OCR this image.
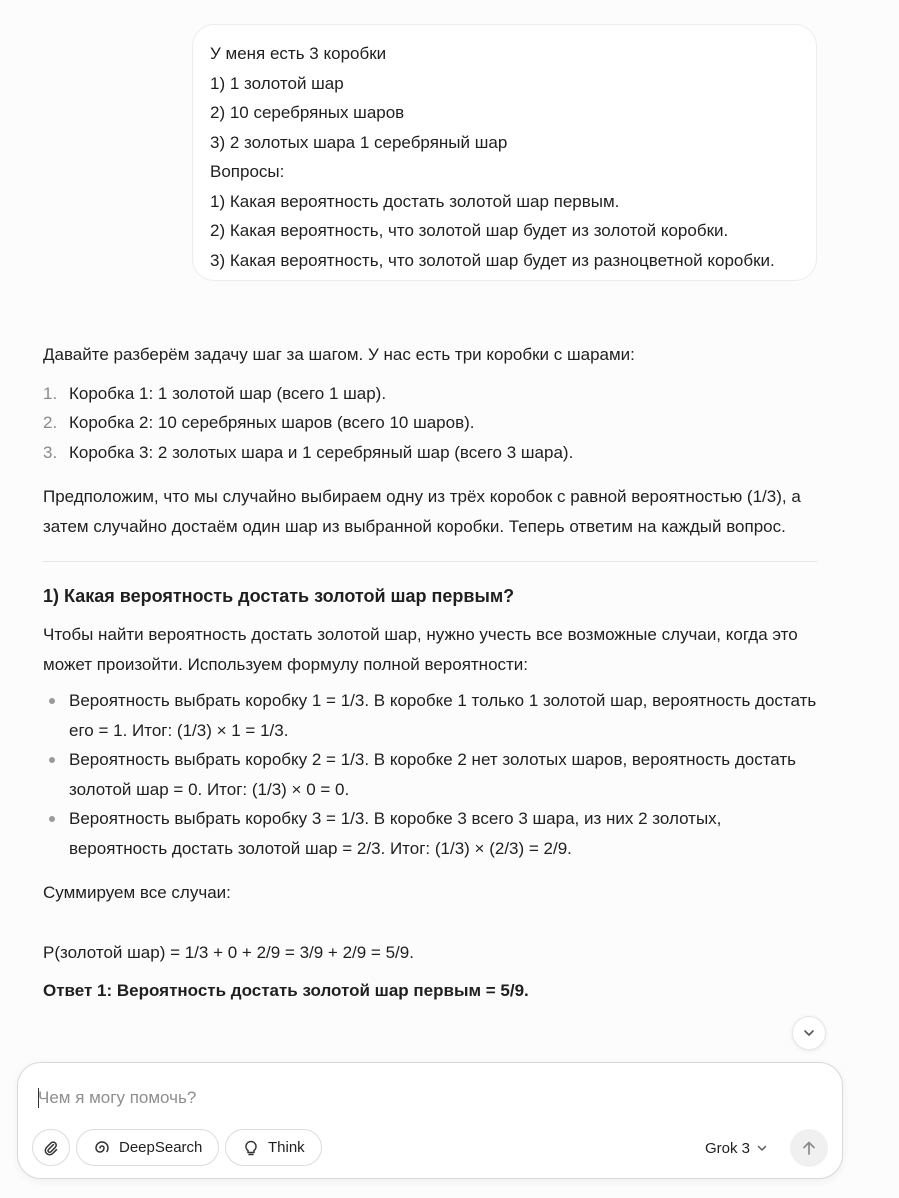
У меня есть 3 коробки
1) 1 золотой шар
2) 10 серебряных шаров
3) 2 золотых шара 1 серебряный шар
Вопросы:
1) Какая вероятность достать золотой шар первым.
2) Какая вероятность, что золотой шар будет из золотой коробки.
3) Какая вероятность, что золотой шар будет из разноцветной коробки.

Давайте разберём задачу шаг за шагом. У нас есть три коробки с шарами:

1. Коробка 1: 1 золотой шар (всего 1 шар).
2. Коробка 2: 10 серебряных шаров (всего 10 шаров).
3. Коробка 3: 2 золотых шара и 1 серебряный шар (всего 3 шара).

Предположим, что мы случайно выбираем одну из трёх коробок с равной вероятностью (1/3), а затем случайно достаём один шар из выбранной коробки. Теперь ответим на каждый вопрос.

1) Какая вероятность достать золотой шар первым?

Чтобы найти вероятность достать золотой шар, нужно учесть все возможные случаи, когда это может произойти. Используем формулу полной вероятности:

Вероятность выбрать коробку 1 = 1/3. В коробке 1 только 1 золотой шар, вероятность достать его = 1. Итог: (1/3) × 1 = 1/3.
Вероятность выбрать коробку 2 = 1/3. В коробке 2 нет золотых шаров, вероятность достать золотой шар = 0. Итог: (1/3) × 0 = 0.
Вероятность выбрать коробку 3 = 1/3. В коробке 3 всего 3 шара, из них 2 золотых, вероятность достать золотой шар = 2/3. Итог: (1/3) × (2/3) = 2/9.

Суммируем все случаи:

P(золотой шар) = 1/3 + 0 + 2/9 = 3/9 + 2/9 = 5/9.

Ответ 1: Вероятность достать золотой шар первым = 5/9.

Чем я могу помочь?
DeepSearch	Think	Grok 3
